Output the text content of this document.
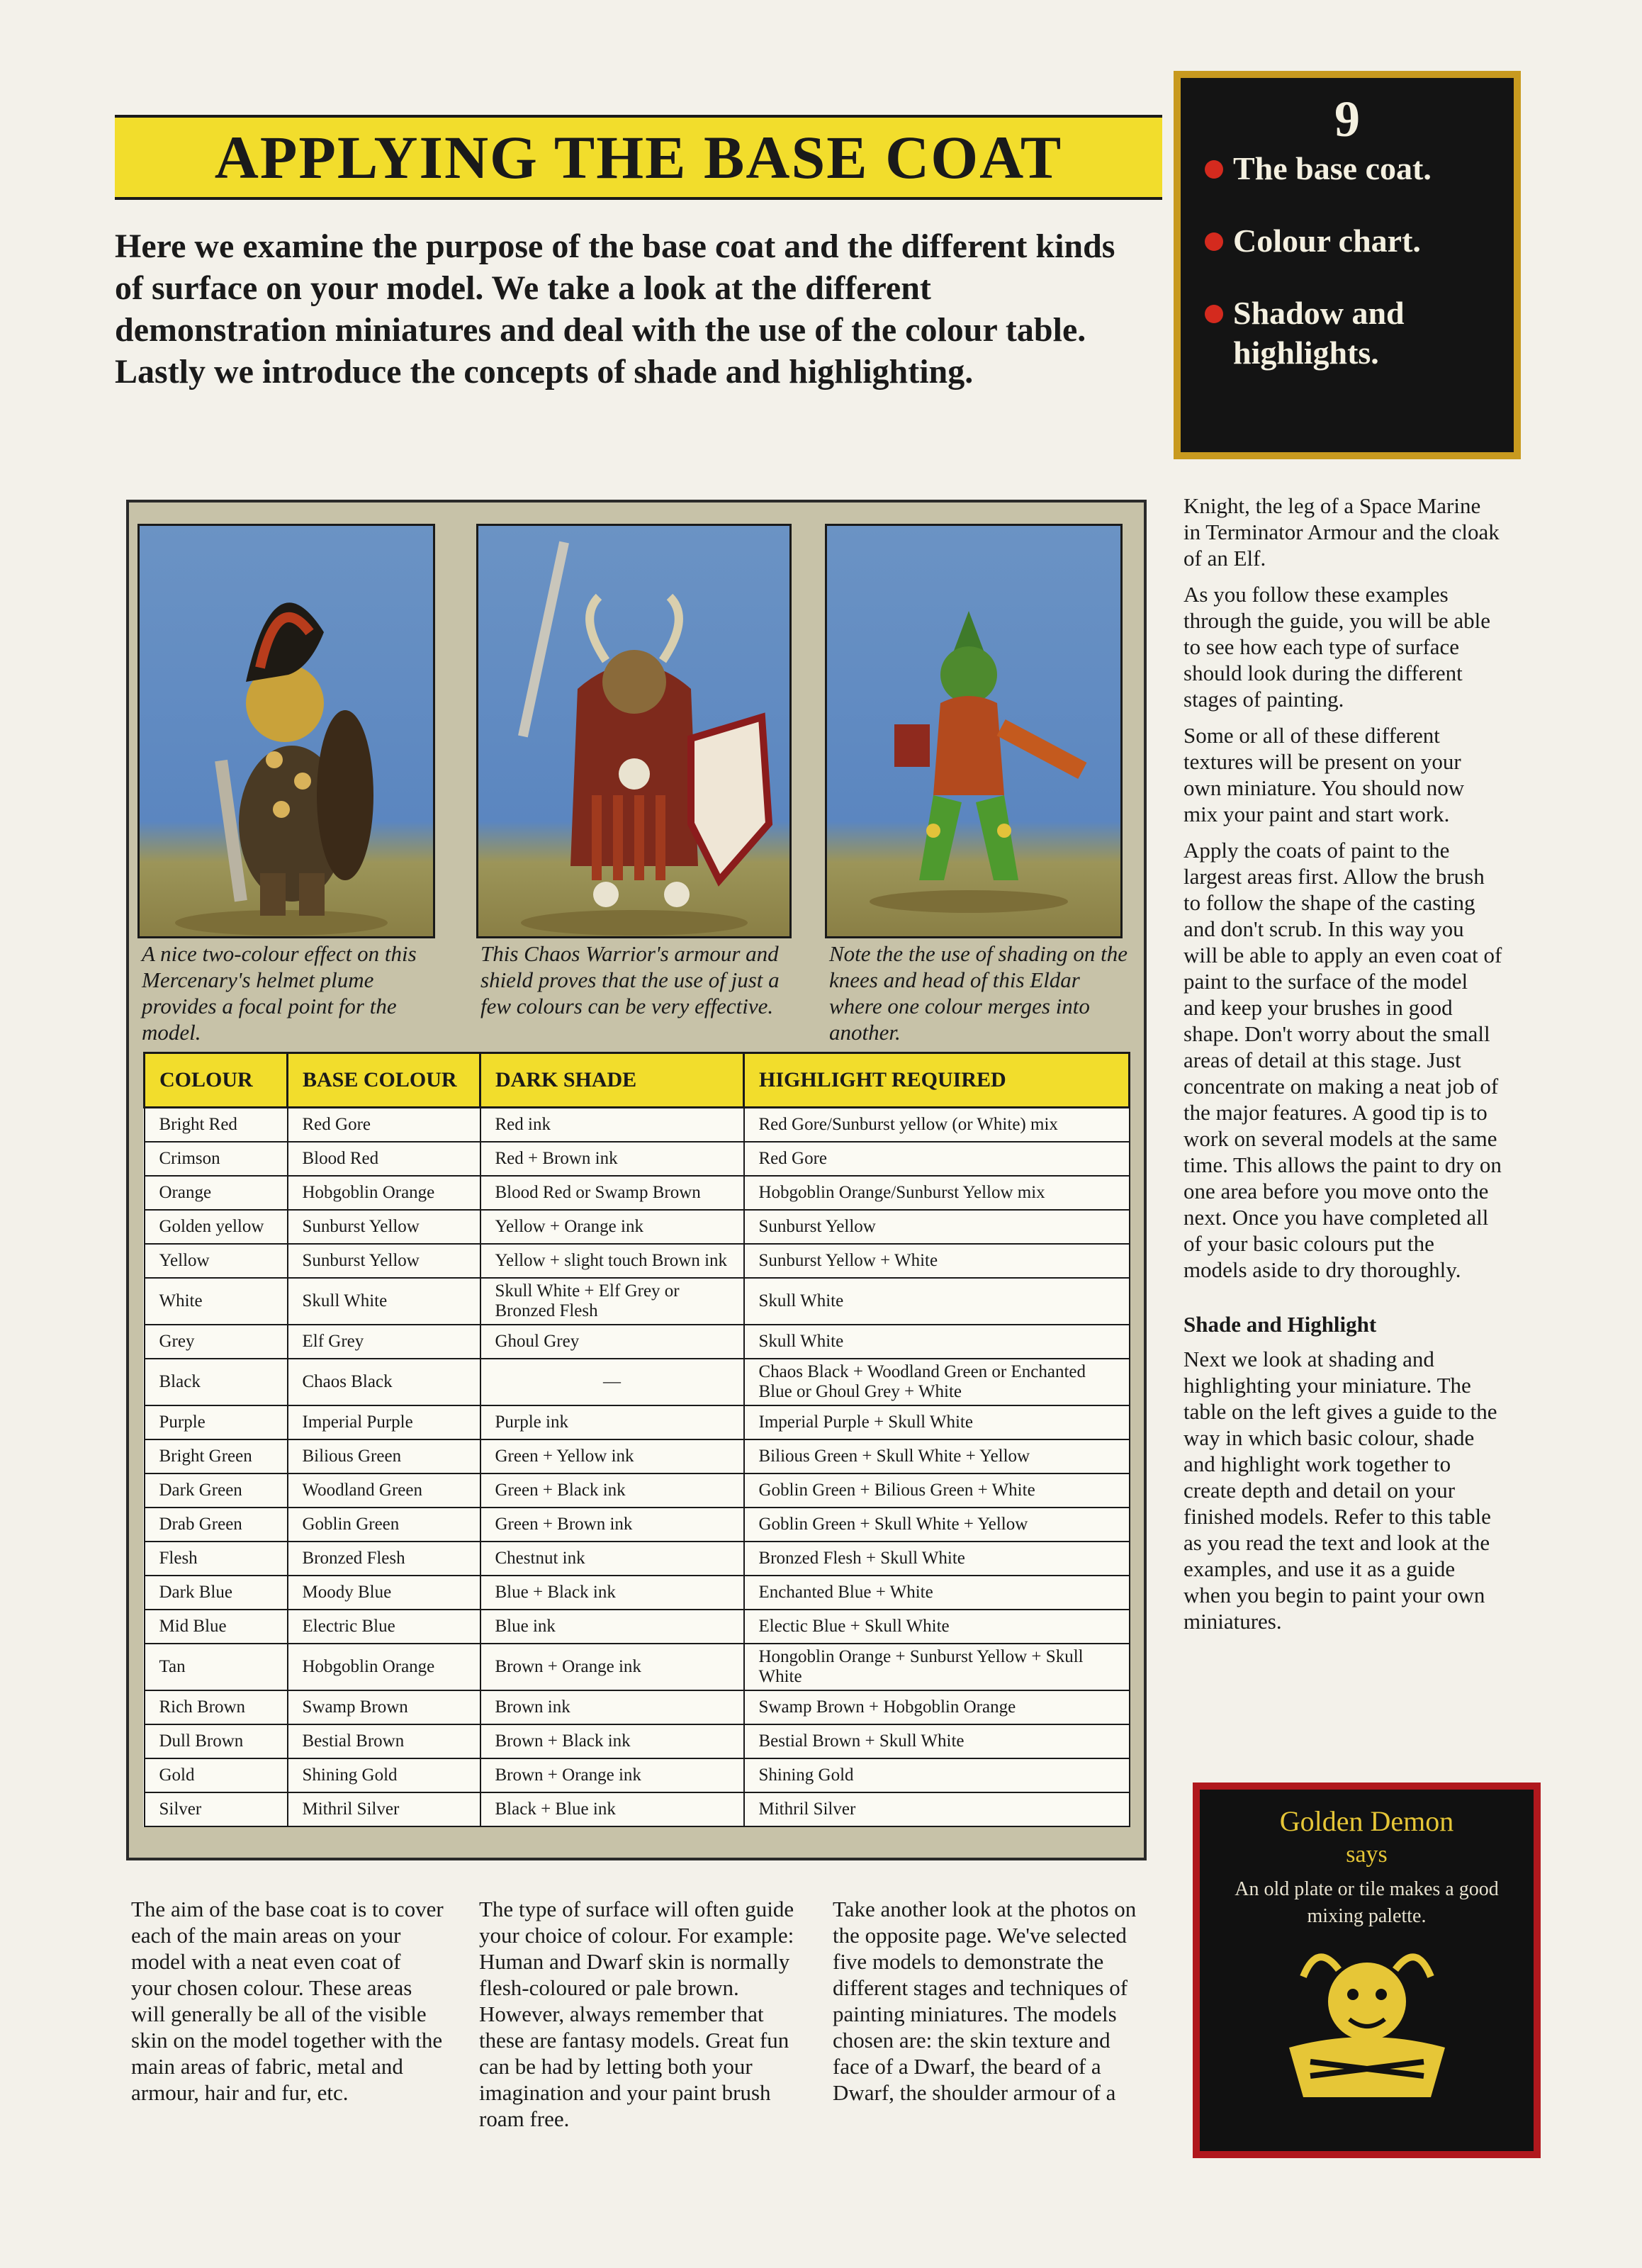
APPLYING THE BASE COAT
Here we examine the purpose of the base coat and the different kinds of surface on your model. We take a look at the different demonstration miniatures and deal with the use of the colour table. Lastly we introduce the concepts of shade and highlighting.
9
The base coat.
Colour chart.
Shadow and highlights.
A nice two-colour effect on this Mercenary's helmet plume provides a focal point for the model.
This Chaos Warrior's armour and shield proves that the use of just a few colours can be very effective.
Note the the use of shading on the knees and head of this Eldar where one colour merges into another.
COLOUR	BASE COLOUR	DARK SHADE	HIGHLIGHT REQUIRED
Bright Red	Red Gore	Red ink	Red Gore/Sunburst yellow (or White) mix
Crimson	Blood Red	Red + Brown ink	Red Gore
Orange	Hobgoblin Orange	Blood Red or Swamp Brown	Hobgoblin Orange/Sunburst Yellow mix
Golden yellow	Sunburst Yellow	Yellow + Orange ink	Sunburst Yellow
Yellow	Sunburst Yellow	Yellow + slight touch Brown ink	Sunburst Yellow + White
White	Skull White	Skull White + Elf Grey or Bronzed Flesh	Skull White
Grey	Elf Grey	Ghoul Grey	Skull White
Black	Chaos Black	—	Chaos Black + Woodland Green or Enchanted Blue or Ghoul Grey + White
Purple	Imperial Purple	Purple ink	Imperial Purple + Skull White
Bright Green	Bilious Green	Green + Yellow ink	Bilious Green + Skull White + Yellow
Dark Green	Woodland Green	Green + Black ink	Goblin Green + Bilious Green + White
Drab Green	Goblin Green	Green + Brown ink	Goblin Green + Skull White + Yellow
Flesh	Bronzed Flesh	Chestnut ink	Bronzed Flesh + Skull White
Dark Blue	Moody Blue	Blue + Black ink	Enchanted Blue + White
Mid Blue	Electric Blue	Blue ink	Electic Blue + Skull White
Tan	Hobgoblin Orange	Brown + Orange ink	Hongoblin Orange + Sunburst Yellow + Skull White
Rich Brown	Swamp Brown	Brown ink	Swamp Brown + Hobgoblin Orange
Dull Brown	Bestial Brown	Brown + Black ink	Bestial Brown + Skull White
Gold	Shining Gold	Brown + Orange ink	Shining Gold
Silver	Mithril Silver	Black + Blue ink	Mithril Silver
The aim of the base coat is to cover each of the main areas on your model with a neat even coat of your chosen colour. These areas will generally be all of the visible skin on the model together with the main areas of fabric, metal and armour, hair and fur, etc.
The type of surface will often guide your choice of colour. For example: Human and Dwarf skin is normally flesh-coloured or pale brown. However, always remember that these are fantasy models. Great fun can be had by letting both your imagination and your paint brush roam free.
Take another look at the photos on the opposite page. We've selected five models to demonstrate the different stages and techniques of painting miniatures. The models chosen are: the skin texture and face of a Dwarf, the beard of a Dwarf, the shoulder armour of a

Knight, the leg of a Space Marine in Terminator Armour and the cloak of an Elf.

As you follow these examples through the guide, you will be able to see how each type of surface should look during the different stages of painting.

Some or all of these different textures will be present on your own miniature. You should now mix your paint and start work.

Apply the coats of paint to the largest areas first. Allow the brush to follow the shape of the casting and don't scrub. In this way you will be able to apply an even coat of paint to the surface of the model and keep your brushes in good shape. Don't worry about the small areas of detail at this stage. Just concentrate on making a neat job of the major features. A good tip is to work on several models at the same time. This allows the paint to dry on one area before you move onto the next. Once you have completed all of your basic colours put the models aside to dry thoroughly.

Shade and Highlight

Next we look at shading and highlighting your miniature. The table on the left gives a guide to the way in which basic colour, shade and highlight work together to create depth and detail on your finished models. Refer to this table as you read the text and look at the examples, and use it as a guide when you begin to paint your own miniatures.

Golden Demon
says
An old plate or tile makes a good mixing palette.
